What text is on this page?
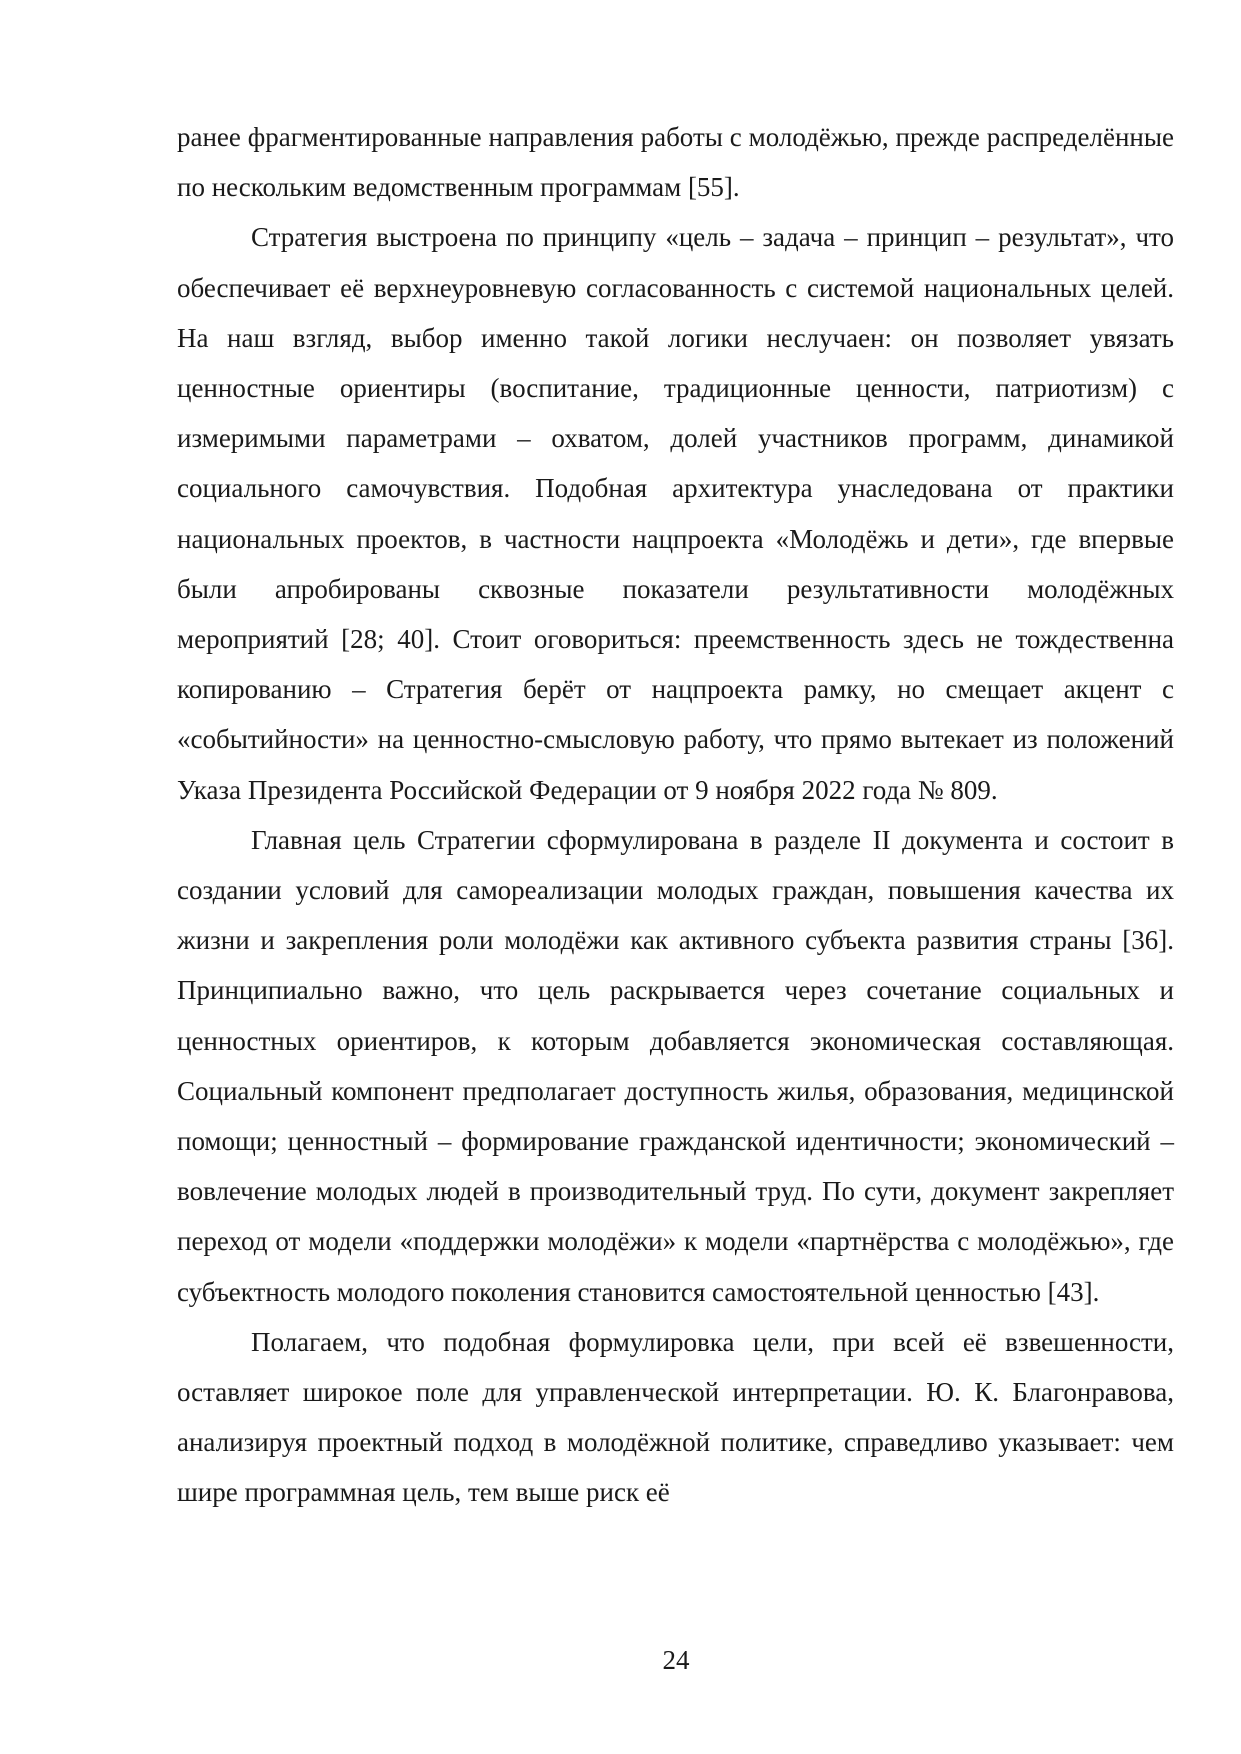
ранее фрагментированные направления работы с молодёжью, прежде распределённые по нескольким ведомственным программам [55].

Стратегия выстроена по принципу «цель – задача – принцип – результат», что обеспечивает её верхнеуровневую согласованность с системой национальных целей. На наш взгляд, выбор именно такой логики неслучаен: он позволяет увязать ценностные ориентиры (воспитание, традиционные ценности, патриотизм) с измеримыми параметрами – охватом, долей участников программ, динамикой социального самочувствия. Подобная архитектура унаследована от практики национальных проектов, в частности нацпроекта «Молодёжь и дети», где впервые были апробированы сквозные показатели результативности молодёжных мероприятий [28; 40]. Стоит оговориться: преемственность здесь не тождественна копированию – Стратегия берёт от нацпроекта рамку, но смещает акцент с «событийности» на ценностно-смысловую работу, что прямо вытекает из положений Указа Президента Российской Федерации от 9 ноября 2022 года № 809.

Главная цель Стратегии сформулирована в разделе II документа и состоит в создании условий для самореализации молодых граждан, повышения качества их жизни и закрепления роли молодёжи как активного субъекта развития страны [36]. Принципиально важно, что цель раскрывается через сочетание социальных и ценностных ориентиров, к которым добавляется экономическая составляющая. Социальный компонент предполагает доступность жилья, образования, медицинской помощи; ценностный – формирование гражданской идентичности; экономический – вовлечение молодых людей в производительный труд. По сути, документ закрепляет переход от модели «поддержки молодёжи» к модели «партнёрства с молодёжью», где субъектность молодого поколения становится самостоятельной ценностью [43].

Полагаем, что подобная формулировка цели, при всей её взвешенности, оставляет широкое поле для управленческой интерпретации. Ю. К. Благонравова, анализируя проектный подход в молодёжной политике, справедливо указывает: чем шире программная цель, тем выше риск её

24
